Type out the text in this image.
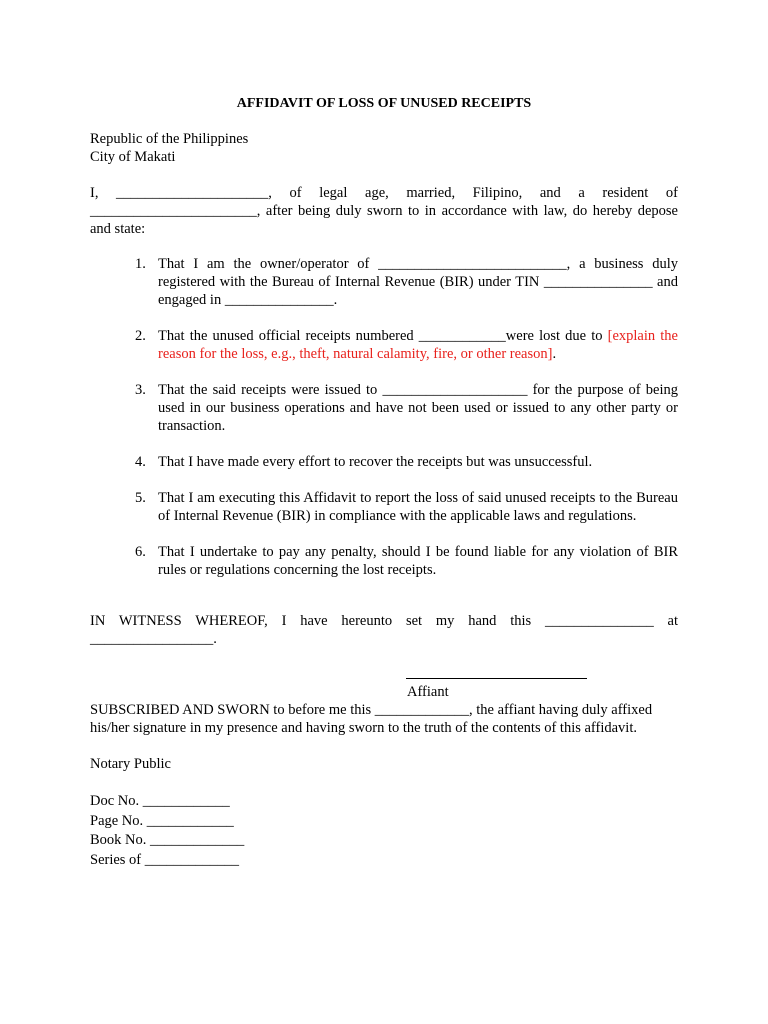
AFFIDAVIT OF LOSS OF UNUSED RECEIPTS
Republic of the Philippines
City of Makati
I, _____________________, of legal age, married, Filipino, and a resident of _______________________, after being duly sworn to in accordance with law, do hereby depose and state:
1. That I am the owner/operator of __________________________, a business duly registered with the Bureau of Internal Revenue (BIR) under TIN _______________ and engaged in _______________.
2. That the unused official receipts numbered ____________were lost due to [explain the reason for the loss, e.g., theft, natural calamity, fire, or other reason].
3. That the said receipts were issued to ____________________ for the purpose of being used in our business operations and have not been used or issued to any other party or transaction.
4. That I have made every effort to recover the receipts but was unsuccessful.
5. That I am executing this Affidavit to report the loss of said unused receipts to the Bureau of Internal Revenue (BIR) in compliance with the applicable laws and regulations.
6. That I undertake to pay any penalty, should I be found liable for any violation of BIR rules or regulations concerning the lost receipts.
IN WITNESS WHEREOF, I have hereunto set my hand this _______________ at _________________.
Affiant
SUBSCRIBED AND SWORN to before me this _____________, the affiant having duly affixed his/her signature in my presence and having sworn to the truth of the contents of this affidavit.
Notary Public
Doc No. ____________
Page No. ____________
Book No. _____________
Series of _____________
